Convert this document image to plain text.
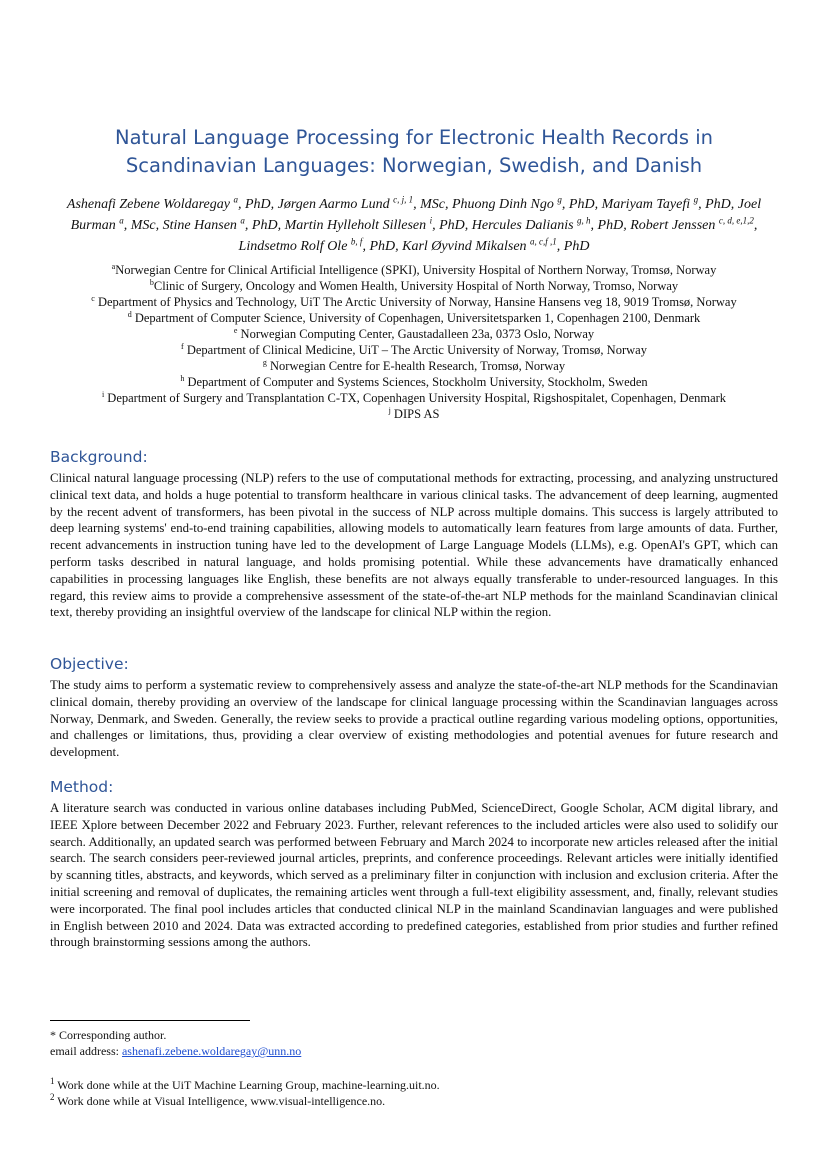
Natural Language Processing for Electronic Health Records in Scandinavian Languages: Norwegian, Swedish, and Danish

Ashenafi Zebene Woldaregay $^a$, PhD, Jørgen Aarmo Lund $^{c, j, 1}$, MSc, Phuong Dinh Ngo $^g$, PhD, Mariyam Tayefi $^g$, PhD, Joel Burman $^a$, MSc, Stine Hansen $^a$, PhD, Martin Hylleholt Sillesen $^i$, PhD, Hercules Dalianis $^{g, h}$, PhD, Robert Jenssen $^{c, d, e,1,2}$, Lindsetmo Rolf Ole $^{b, f}$, PhD, Karl Øyvind Mikalsen $^{a, c,f ,1}$, PhD

$^a$Norwegian Centre for Clinical Artificial Intelligence (SPKI), University Hospital of Northern Norway, Tromsø, Norway
$^b$Clinic of Surgery, Oncology and Women Health, University Hospital of North Norway, Tromso, Norway
$^c$ Department of Physics and Technology, UiT The Arctic University of Norway, Hansine Hansens veg 18, 9019 Tromsø, Norway
$^d$ Department of Computer Science, University of Copenhagen, Universitetsparken 1, Copenhagen 2100, Denmark
$^e$ Norwegian Computing Center, Gaustadalleen 23a, 0373 Oslo, Norway
$^f$ Department of Clinical Medicine, UiT – The Arctic University of Norway, Tromsø, Norway
$^g$ Norwegian Centre for E-health Research, Tromsø, Norway
$^h$ Department of Computer and Systems Sciences, Stockholm University, Stockholm, Sweden
$^i$ Department of Surgery and Transplantation C-TX, Copenhagen University Hospital, Rigshospitalet, Copenhagen, Denmark
$^j$ DIPS AS
Background:

Clinical natural language processing (NLP) refers to the use of computational methods for extracting, processing, and analyzing unstructured clinical text data, and holds a huge potential to transform healthcare in various clinical tasks. The advancement of deep learning, augmented by the recent advent of transformers, has been pivotal in the success of NLP across multiple domains. This success is largely attributed to deep learning systems' end-to-end training capabilities, allowing models to automatically learn features from large amounts of data. Further, recent advancements in instruction tuning have led to the development of Large Language Models (LLMs), e.g. OpenAI's GPT, which can perform tasks described in natural language, and holds promising potential. While these advancements have dramatically enhanced capabilities in processing languages like English, these benefits are not always equally transferable to under-resourced languages. In this regard, this review aims to provide a comprehensive assessment of the state-of-the-art NLP methods for the mainland Scandinavian clinical text, thereby providing an insightful overview of the landscape for clinical NLP within the region.

Objective:

The study aims to perform a systematic review to comprehensively assess and analyze the state-of-the-art NLP methods for the Scandinavian clinical domain, thereby providing an overview of the landscape for clinical language processing within the Scandinavian languages across Norway, Denmark, and Sweden. Generally, the review seeks to provide a practical outline regarding various modeling options, opportunities, and challenges or limitations, thus, providing a clear overview of existing methodologies and potential avenues for future research and development.

Method:

A literature search was conducted in various online databases including PubMed, ScienceDirect, Google Scholar, ACM digital library, and IEEE Xplore between December 2022 and February 2023. Further, relevant references to the included articles were also used to solidify our search. Additionally, an updated search was performed between February and March 2024 to incorporate new articles released after the initial search. The search considers peer-reviewed journal articles, preprints, and conference proceedings. Relevant articles were initially identified by scanning titles, abstracts, and keywords, which served as a preliminary filter in conjunction with inclusion and exclusion criteria. After the initial screening and removal of duplicates, the remaining articles went through a full-text eligibility assessment, and, finally, relevant studies were incorporated. The final pool includes articles that conducted clinical NLP in the mainland Scandinavian languages and were published in English between 2010 and 2024. Data was extracted according to predefined categories, established from prior studies and further refined through brainstorming sessions among the authors.

* Corresponding author.

email address: ashenafi.zebene.woldaregay@unn.no

$^1$ Work done while at the UiT Machine Learning Group, machine-learning.uit.no.

$^2$ Work done while at Visual Intelligence, www.visual-intelligence.no.
